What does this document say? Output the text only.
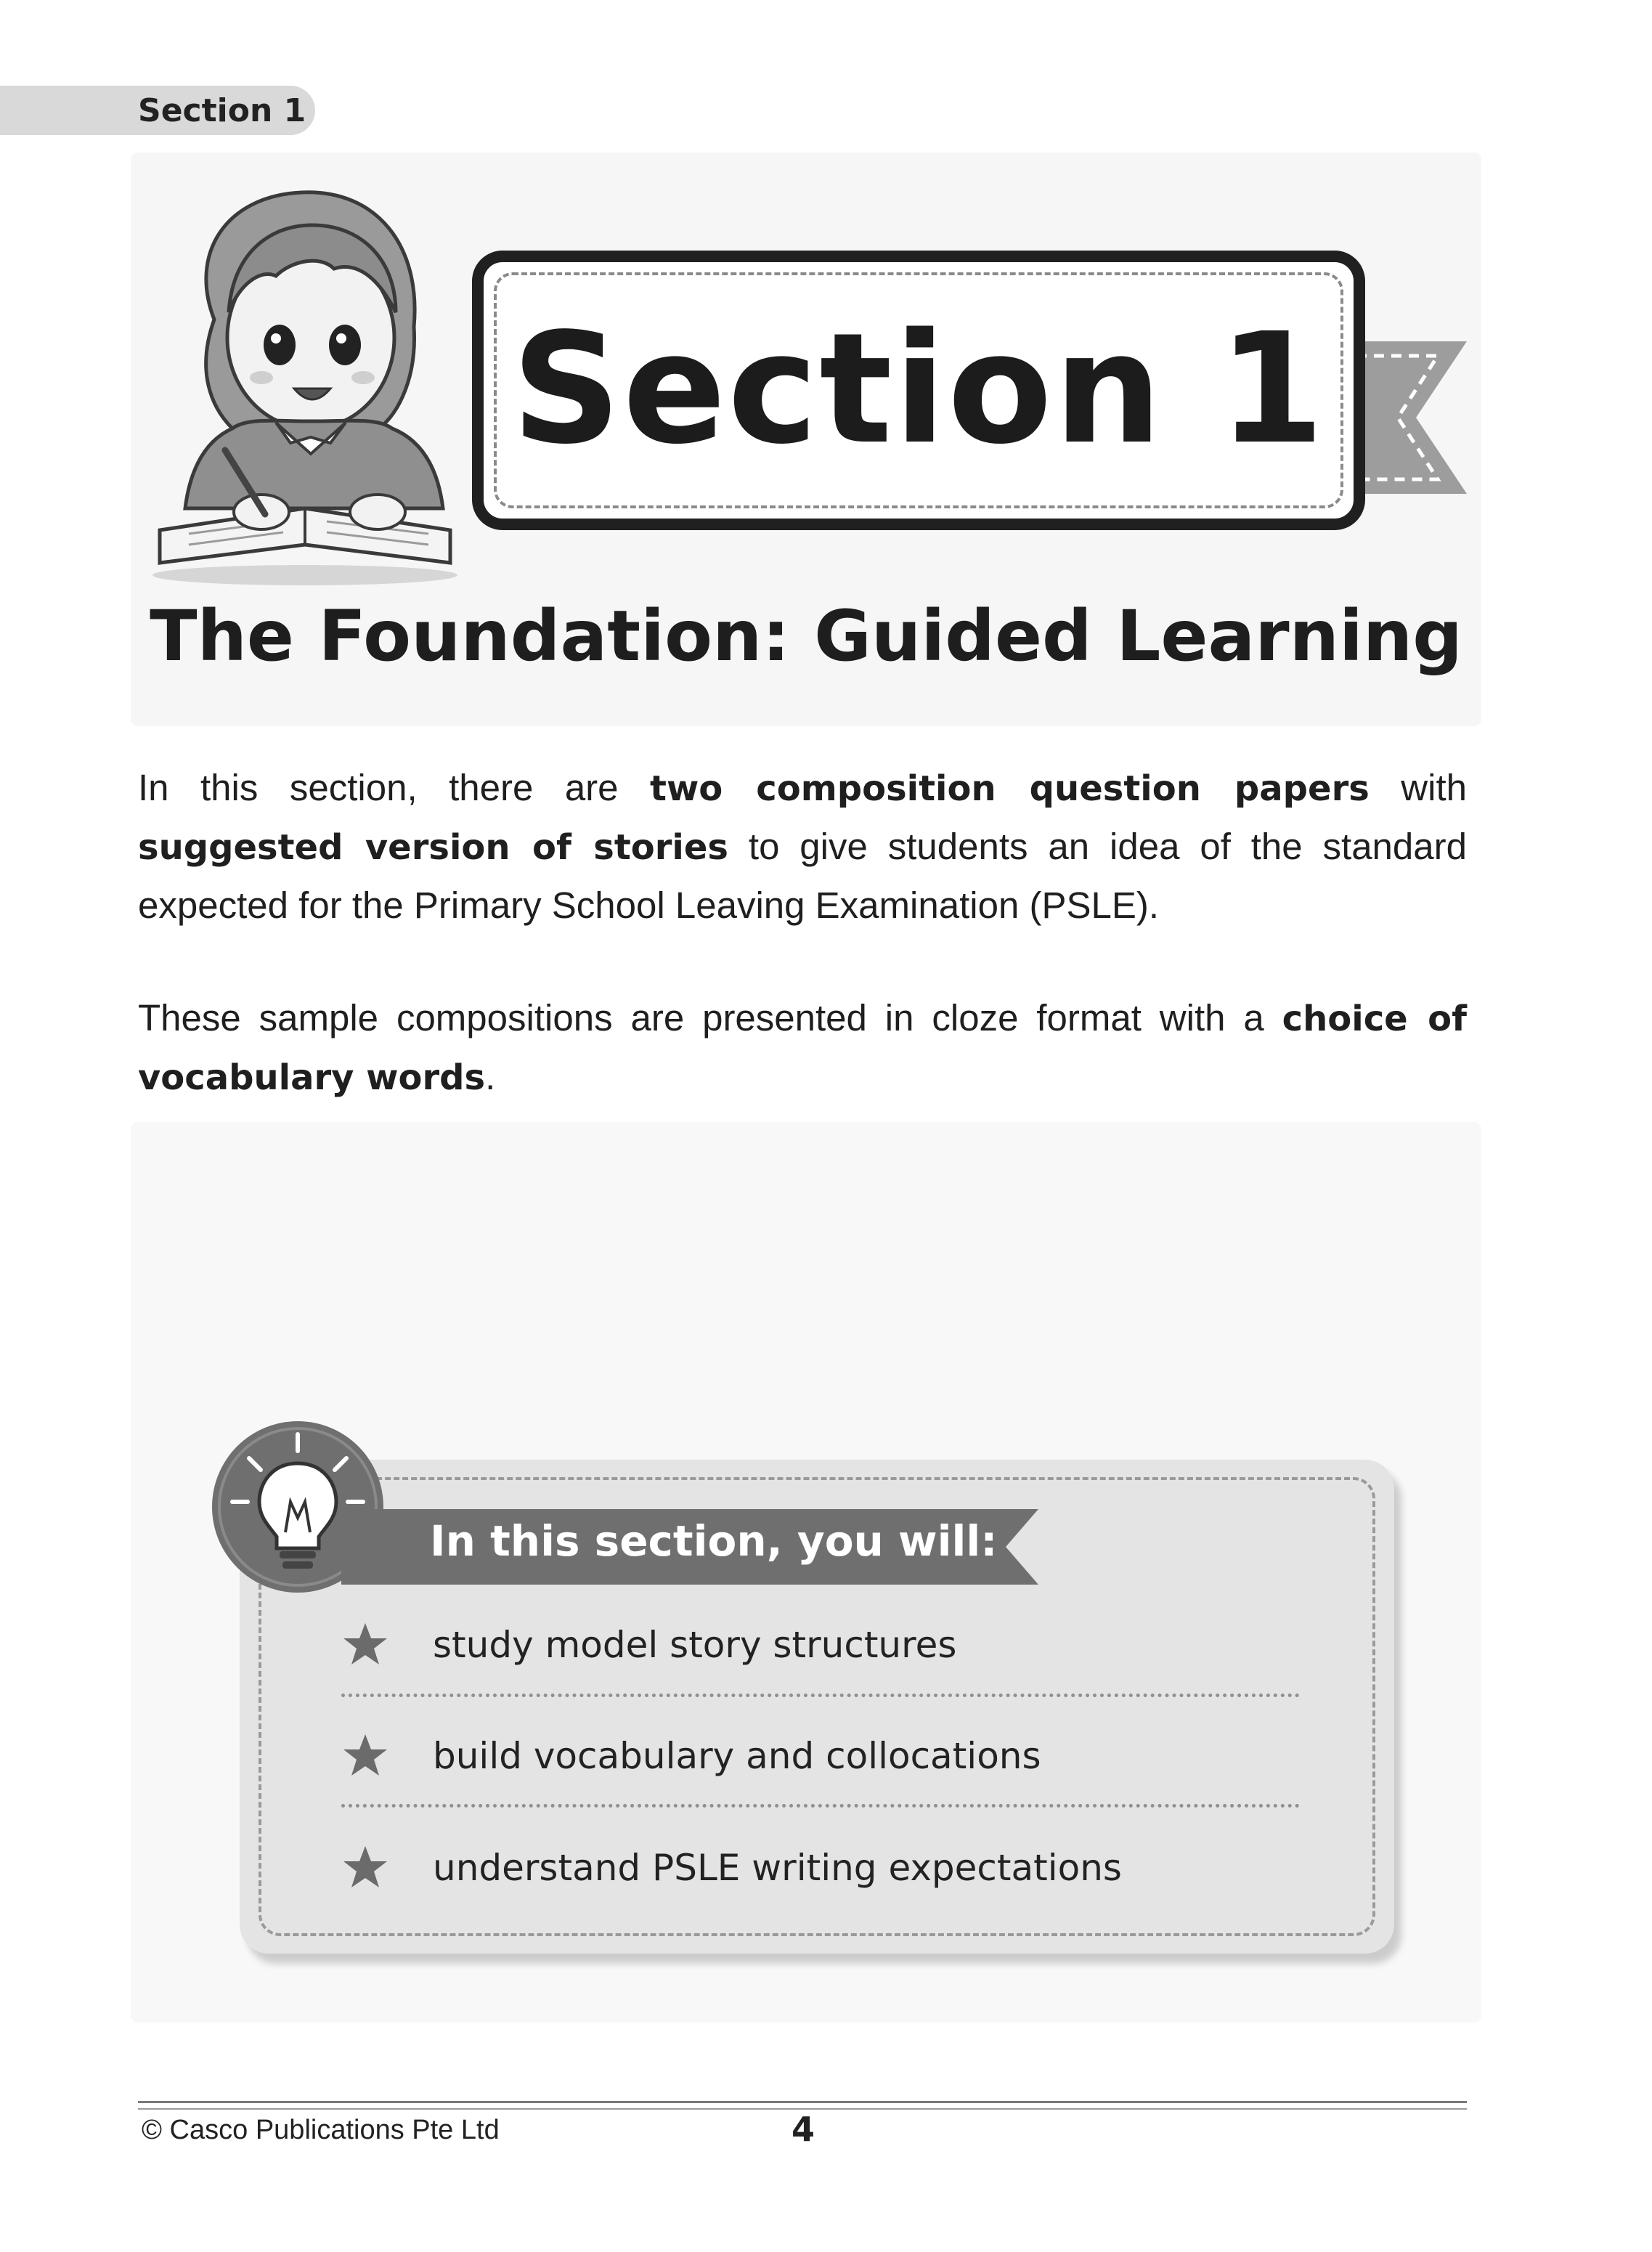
Section 1
Section 1
The Foundation: Guided Learning

In this section, there are two composition question papers with suggested version of stories to give students an idea of the standard expected for the Primary School Leaving Examination (PSLE).

These sample compositions are presented in cloze format with a choice of vocabulary words.

In this section, you will:
study model story structures
build vocabulary and collocations
understand PSLE writing expectations
© Casco Publications Pte Ltd	4
